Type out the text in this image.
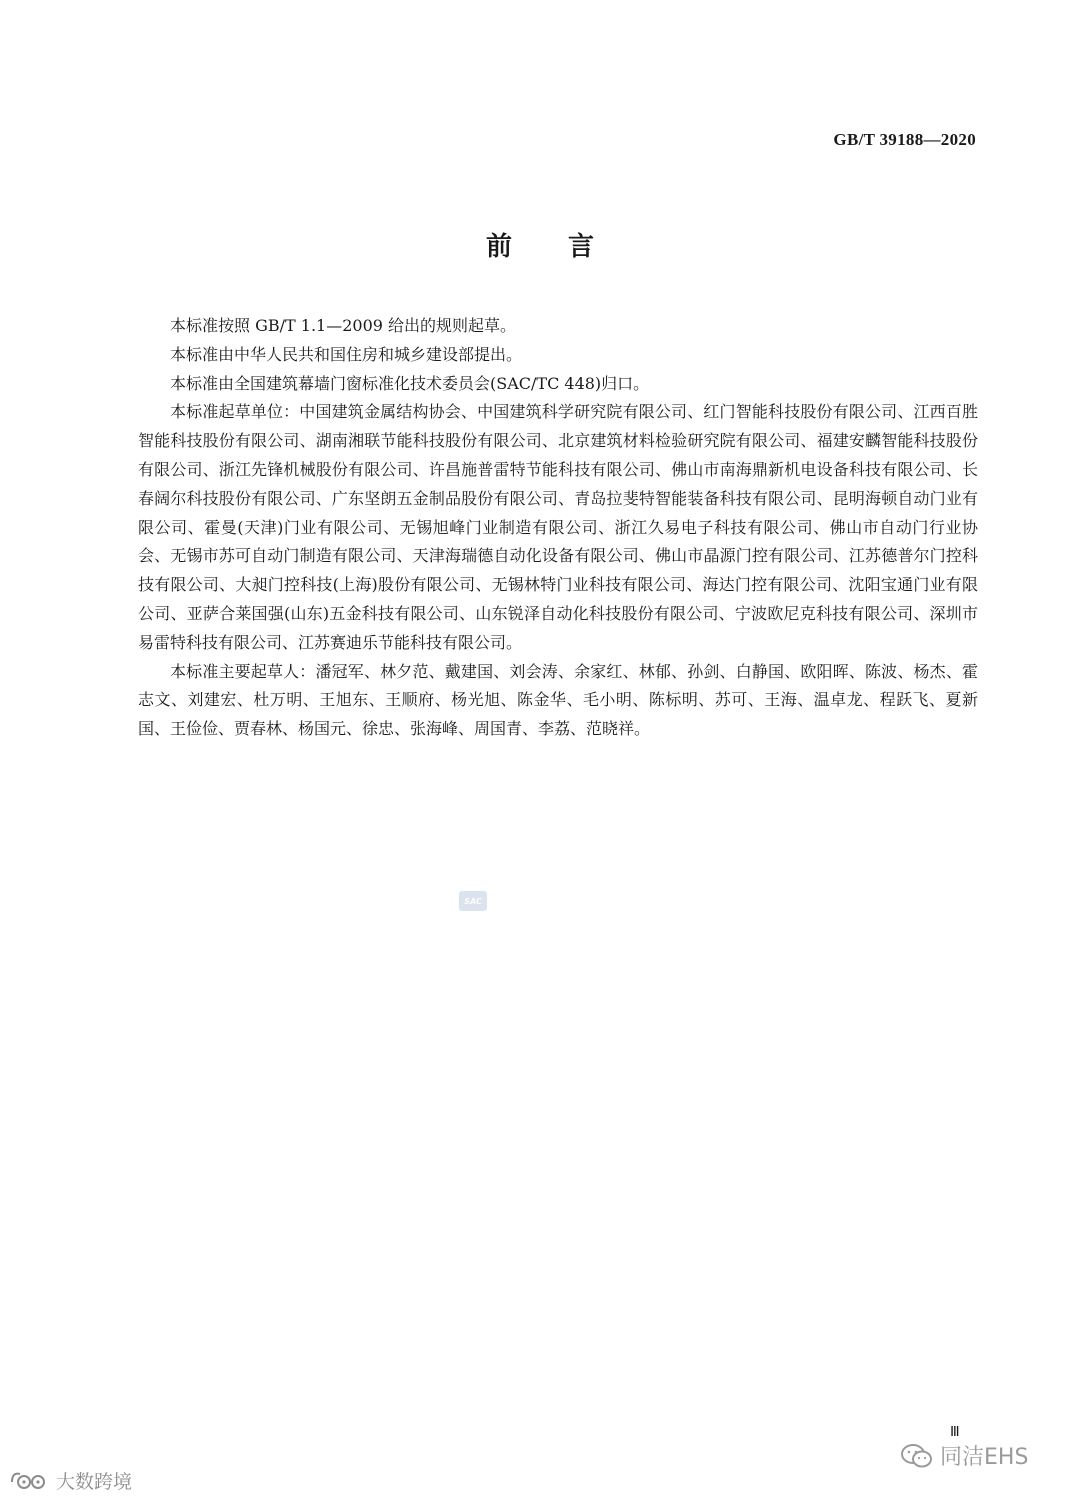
GB/T 39188—2020
前 言

本标准按照 GB/T 1.1—2009 给出的规则起草。

本标准由中华人民共和国住房和城乡建设部提出。

本标准由全国建筑幕墙门窗标准化技术委员会(SAC/TC 448)归口。

本标准起草单位：中国建筑金属结构协会、中国建筑科学研究院有限公司、红门智能科技股份有限公司、江西百胜智能科技股份有限公司、湖南湘联节能科技股份有限公司、北京建筑材料检验研究院有限公司、福建安麟智能科技股份有限公司、浙江先锋机械股份有限公司、许昌施普雷特节能科技有限公司、佛山市南海鼎新机电设备科技有限公司、长春阔尔科技股份有限公司、广东坚朗五金制品股份有限公司、青岛拉斐特智能装备科技有限公司、昆明海顿自动门业有限公司、霍曼(天津)门业有限公司、无锡旭峰门业制造有限公司、浙江久易电子科技有限公司、佛山市自动门行业协会、无锡市苏可自动门制造有限公司、天津海瑞德自动化设备有限公司、佛山市晶源门控有限公司、江苏德普尔门控科技有限公司、大昶门控科技(上海)股份有限公司、无锡林特门业科技有限公司、海达门控有限公司、沈阳宝通门业有限公司、亚萨合莱国强(山东)五金科技有限公司、山东锐泽自动化科技股份有限公司、宁波欧尼克科技有限公司、深圳市易雷特科技有限公司、江苏赛迪乐节能科技有限公司。

本标准主要起草人：潘冠军、林夕范、戴建国、刘会涛、余家红、林郁、孙剑、白静国、欧阳晖、陈波、杨杰、霍志文、刘建宏、杜万明、王旭东、王顺府、杨光旭、陈金华、毛小明、陈标明、苏可、王海、温卓龙、程跃飞、夏新国、王俭俭、贾春林、杨国元、徐忠、张海峰、周国青、李荔、范晓祥。

SAC
Ⅲ
同洁EHS
大数跨境
